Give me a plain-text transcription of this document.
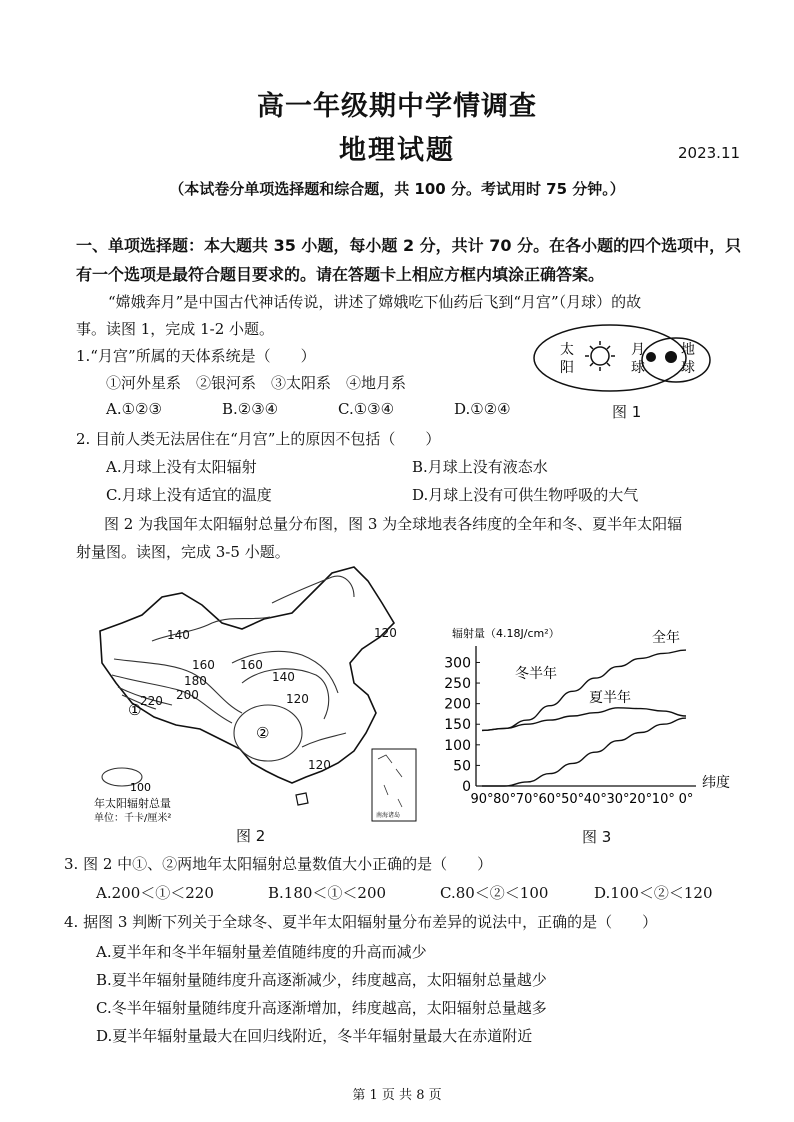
高一年级期中学情调查
地理试题	2023.11
（本试卷分单项选择题和综合题，共 100 分。考试用时 75 分钟。）
一、单项选择题：本大题共 35 小题，每小题 2 分，共计 70 分。在各小题的四个选项中，只
有一个选项是最符合题目要求的。请在答题卡上相应方框内填涂正确答案。
“嫦娥奔月”是中国古代神话传说，讲述了嫦娥吃下仙药后飞到“月宫”（月球）的故
事。读图 1，完成 1-2 小题。
太
阳
月
球
地
球
图 1
1.“月宫”所属的天体系统是（　　）
①河外星系　②银河系　③太阳系　④地月系
A.①②③	B.②③④	C.①③④	D.①②④
2. 目前人类无法居住在“月宫”上的原因不包括（　　）
A.月球上没有太阳辐射	B.月球上没有液态水
C.月球上没有适宜的温度	D.月球上没有可供生物呼吸的大气
图 2 为我国年太阳辐射总量分布图，图 3 为全球地表各纬度的全年和冬、夏半年太阳辐
射量图。读图，完成 3-5 小题。
140
160
180
200
220
160
140
120
120
120
①
②
100
年太阳辐射总量
单位：千卡/厘米²	南海诸岛
图 2
辐射量（4.18J/cm²）
纬度
0
50
100
150
200
250
300
90° 80° 70° 60° 50° 40° 30° 20° 10° 0°
全年
夏半年
冬半年
图 3
3. 图 2 中①、②两地年太阳辐射总量数值大小正确的是（　　）
A.200＜①＜220	B.180＜①＜200	C.80＜②＜100	D.100＜②＜120
4. 据图 3 判断下列关于全球冬、夏半年太阳辐射量分布差异的说法中，正确的是（　　）
A.夏半年和冬半年辐射量差值随纬度的升高而减少
B.夏半年辐射量随纬度升高逐渐减少，纬度越高，太阳辐射总量越少
C.冬半年辐射量随纬度升高逐渐增加，纬度越高，太阳辐射总量越多
D.夏半年辐射量最大在回归线附近，冬半年辐射量最大在赤道附近
第 1 页 共 8 页
